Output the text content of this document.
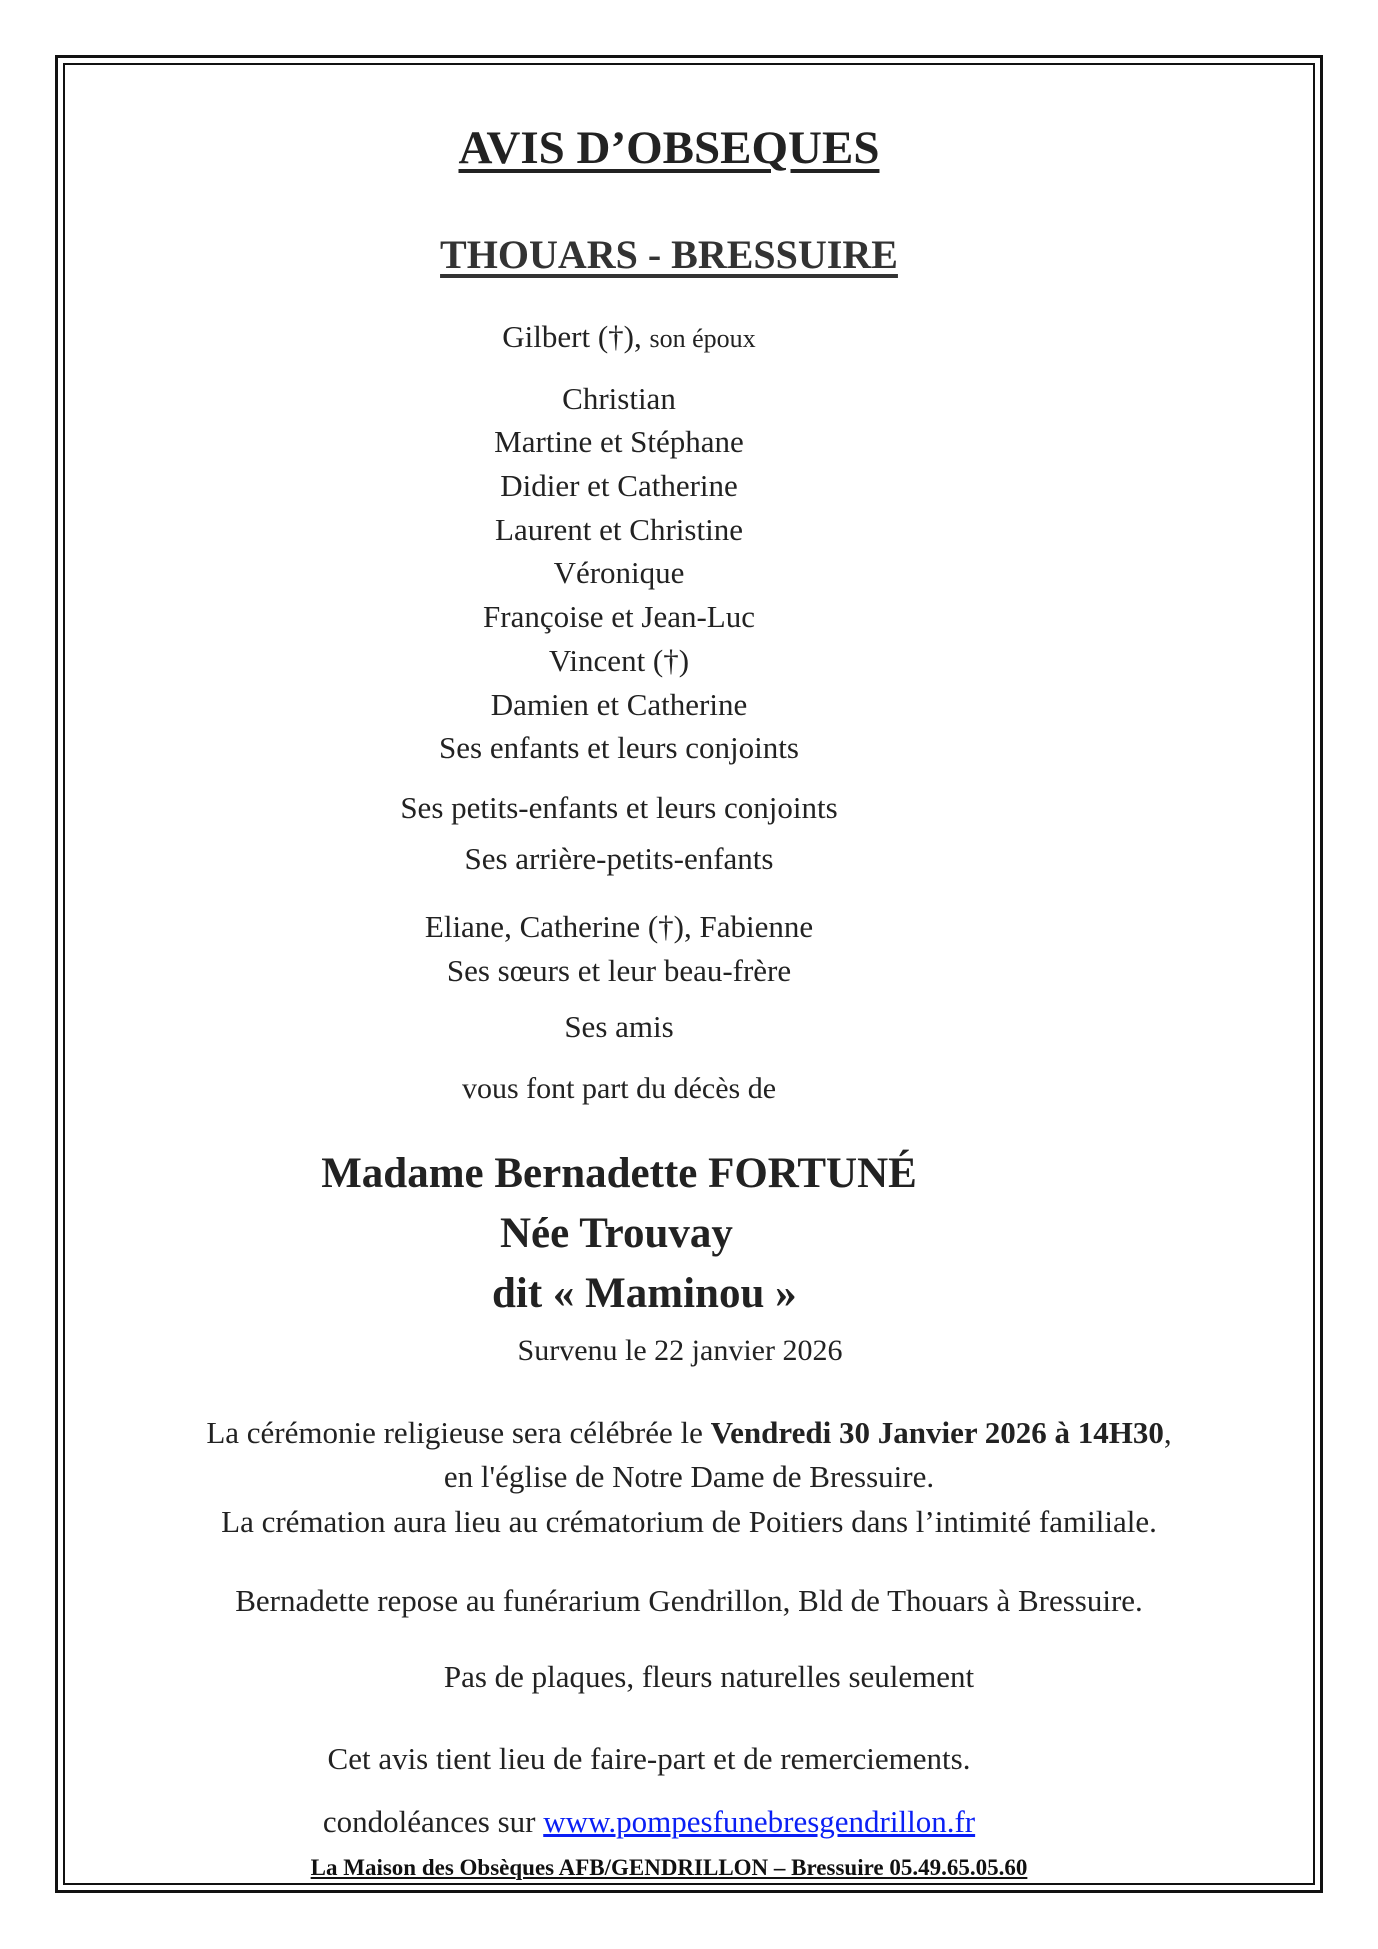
AVIS D’OBSEQUES

THOUARS - BRESSUIRE

Gilbert (†), son époux

Christian

Martine et Stéphane

Didier et Catherine

Laurent et Christine

Véronique

Françoise et Jean-Luc

Vincent (†)

Damien et Catherine

Ses enfants et leurs conjoints

Ses petits-enfants et leurs conjoints

Ses arrière-petits-enfants

Eliane, Catherine (†), Fabienne

Ses sœurs et leur beau-frère

Ses amis

vous font part du décès de

Madame Bernadette FORTUNÉ

Née Trouvay

dit « Maminou »

Survenu le 22 janvier 2026

La cérémonie religieuse sera célébrée le Vendredi 30 Janvier 2026 à 14H30,

en l'église de Notre Dame de Bressuire.

La crémation aura lieu au crématorium de Poitiers dans l’intimité familiale.

Bernadette repose au funérarium Gendrillon, Bld de Thouars à Bressuire.

Pas de plaques, fleurs naturelles seulement

Cet avis tient lieu de faire-part et de remerciements.

condoléances sur www.pompesfunebresgendrillon.fr

La Maison des Obsèques AFB/GENDRILLON – Bressuire 05.49.65.05.60
